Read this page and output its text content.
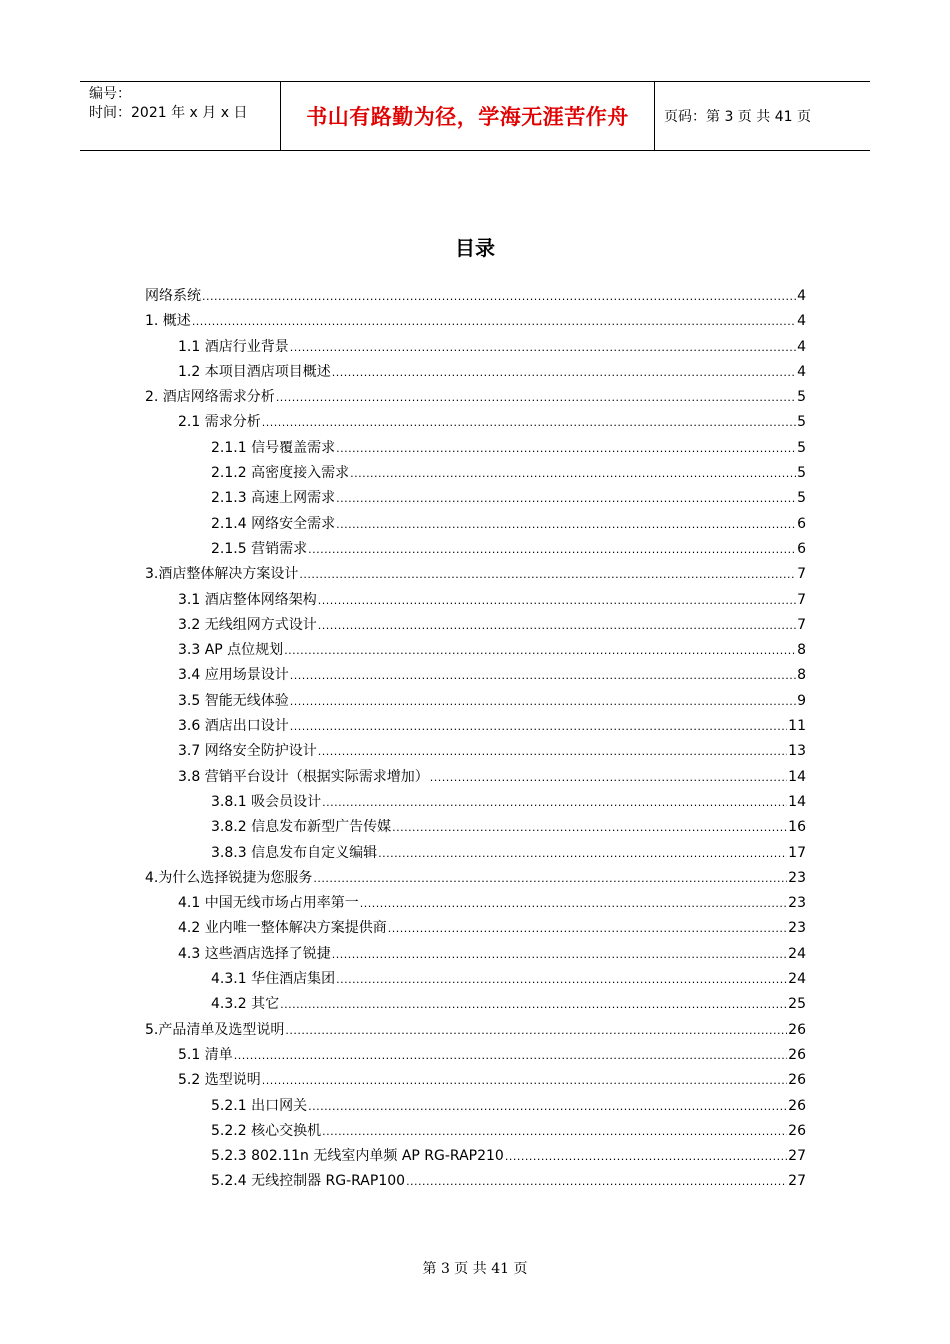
编号：
时间：2021 年 x 月 x 日	书山有路勤为径，学海无涯苦作舟	页码：第 3 页 共 41 页
目录
网络系统 .....	4
1. 概述 .....	4
1.1 酒店行业背景 .....	4
1.2 本项目酒店项目概述 .....	4
2. 酒店网络需求分析 .....	5
2.1 需求分析 .....	5
2.1.1 信号覆盖需求 .....	5
2.1.2 高密度接入需求 .....	5
2.1.3 高速上网需求 .....	5
2.1.4 网络安全需求 .....	6
2.1.5 营销需求 .....	6
3.酒店整体解决方案设计 .....	7
3.1 酒店整体网络架构 .....	7
3.2 无线组网方式设计 .....	7
3.3 AP 点位规划 .....	8
3.4 应用场景设计 .....	8
3.5 智能无线体验 .....	9
3.6 酒店出口设计 .....	11
3.7 网络安全防护设计 .....	13
3.8 营销平台设计（根据实际需求增加） .....	14
3.8.1 吸会员设计 .....	14
3.8.2 信息发布新型广告传媒 .....	16
3.8.3 信息发布自定义编辑 .....	17
4.为什么选择锐捷为您服务 .....	23
4.1 中国无线市场占用率第一 .....	23
4.2 业内唯一整体解决方案提供商 .....	23
4.3 这些酒店选择了锐捷 .....	24
4.3.1 华住酒店集团 .....	24
4.3.2 其它 .....	25
5.产品清单及选型说明 .....	26
5.1 清单 .....	26
5.2 选型说明 .....	26
5.2.1 出口网关 .....	26
5.2.2 核心交换机 .....	26
5.2.3 802.11n 无线室内单频 AP RG-RAP210 .....	27
5.2.4 无线控制器 RG-RAP100 .....	27
第 3 页 共 41 页
